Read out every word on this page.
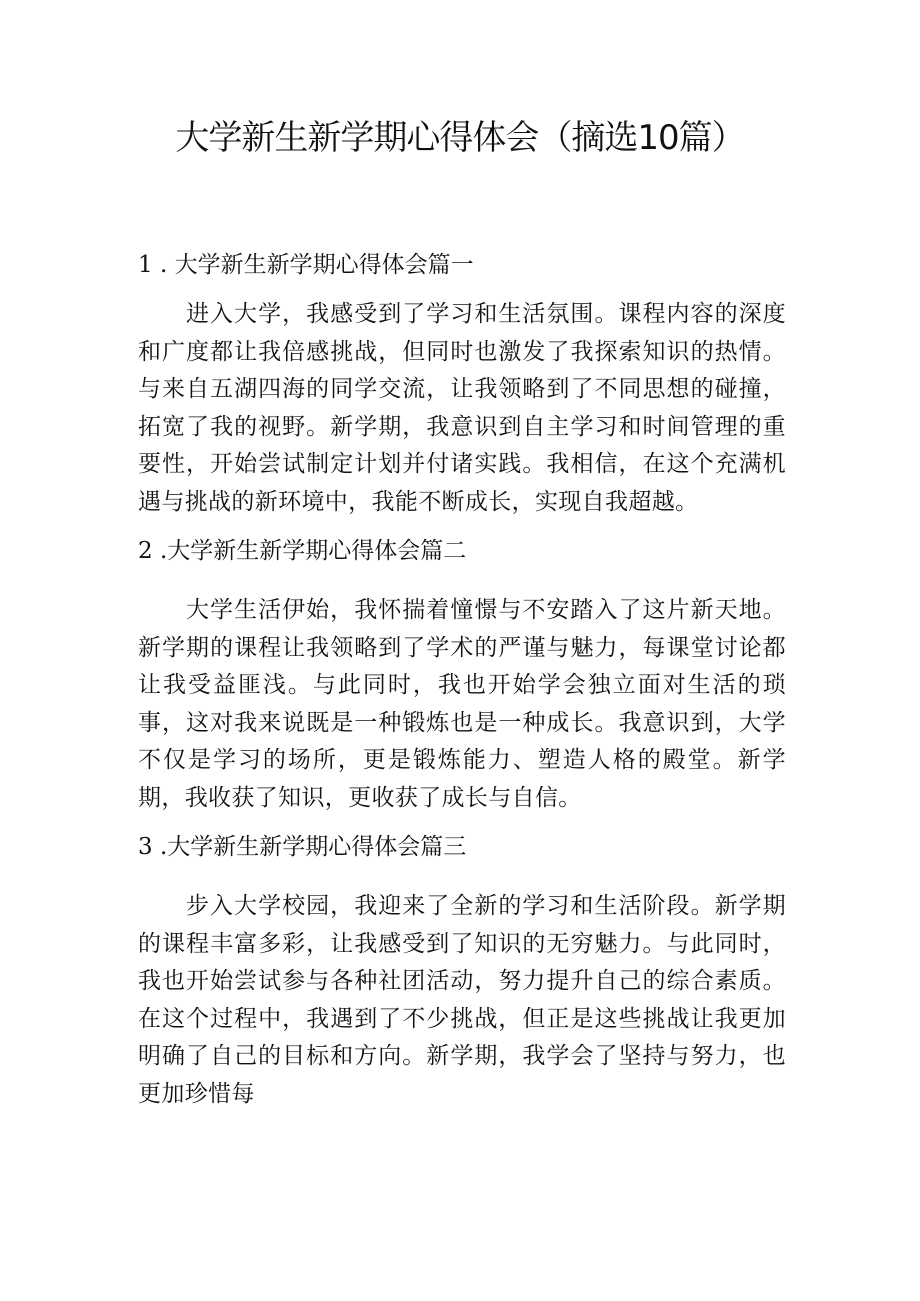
大学新生新学期心得体会（摘选10篇）
1 . 大学新生新学期心得体会篇一

进入大学，我感受到了学习和生活氛围。课程内容的深度和广度都让我倍感挑战，但同时也激发了我探索知识的热情。与来自五湖四海的同学交流，让我领略到了不同思想的碰撞，拓宽了我的视野。新学期，我意识到自主学习和时间管理的重要性，开始尝试制定计划并付诸实践。我相信，在这个充满机遇与挑战的新环境中，我能不断成长，实现自我超越。

2 .大学新生新学期心得体会篇二

大学生活伊始，我怀揣着憧憬与不安踏入了这片新天地。新学期的课程让我领略到了学术的严谨与魅力，每课堂讨论都让我受益匪浅。与此同时，我也开始学会独立面对生活的琐事，这对我来说既是一种锻炼也是一种成长。我意识到，大学不仅是学习的场所，更是锻炼能力、塑造人格的殿堂。新学期，我收获了知识，更收获了成长与自信。

3 .大学新生新学期心得体会篇三

步入大学校园，我迎来了全新的学习和生活阶段。新学期的课程丰富多彩，让我感受到了知识的无穷魅力。与此同时，我也开始尝试参与各种社团活动，努力提升自己的综合素质。在这个过程中，我遇到了不少挑战，但正是这些挑战让我更加明确了自己的目标和方向。新学期，我学会了坚持与努力，也更加珍惜每
